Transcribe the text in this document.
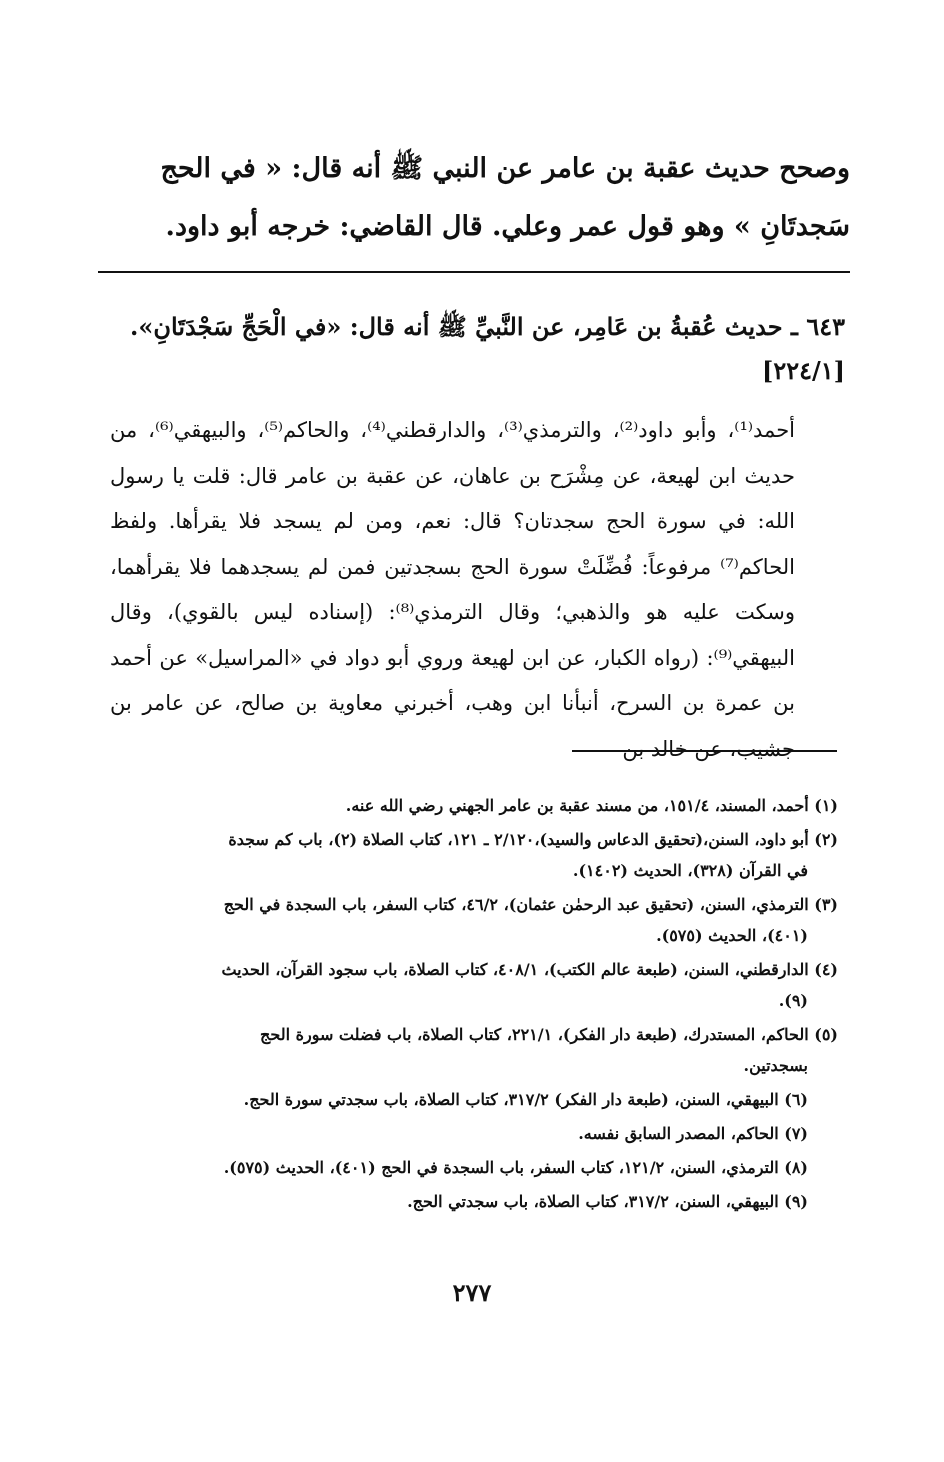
وصحح حديث عقبة بن عامر عن النبي ﷺ أنه قال: « في الحج
سَجدتَانِ » وهو قول عمر وعلي. قال القاضي: خرجه أبو داود.
٦٤٣ ـ حديث عُقبةُ بن عَامِر، عن النَّبيِّ ﷺ أنه قال: «في الْحَجِّ سَجْدَتَانِ».
[٢٢٤/١]

أحمد⁽¹⁾، وأبو داود⁽²⁾، والترمذي⁽³⁾، والدارقطني⁽⁴⁾، والحاكم⁽⁵⁾، والبيهقي⁽⁶⁾، من حديث ابن لهيعة، عن مِشْرَح بن عاهان، عن عقبة بن عامر قال: قلت يا رسول الله: في سورة الحج سجدتان؟ قال: نعم، ومن لم يسجد فلا يقرأها. ولفظ الحاكم⁽⁷⁾ مرفوعاً: فُضِّلَتْ سورة الحج بسجدتين فمن لم يسجدهما فلا يقرأهما، وسكت عليه هو والذهبي؛ وقال الترمذي⁽⁸⁾: (إسناده ليس بالقوي)، وقال البيهقي⁽⁹⁾: (رواه الكبار، عن ابن لهيعة وروي أبو دواد في «المراسيل» عن أحمد بن عمرة بن السرح، أنبأنا ابن وهب، أخبرني معاوية بن صالح، عن عامر بن جشيب، عن خالد بن

(١) أحمد، المسند، ١٥١/٤، من مسند عقبة بن عامر الجهني رضي الله عنه.
(٢) أبو داود، السنن،(تحقيق الدعاس والسيد)،٢/١٢٠ ـ ١٢١، كتاب الصلاة (٢)، باب كم سجدة
في القرآن (٣٢٨)، الحديث (١٤٠٢).
(٣) الترمذي، السنن، (تحقيق عبد الرحمٰن عثمان)، ٤٦/٢، كتاب السفر، باب السجدة في الحج
(٤٠١)، الحديث (٥٧٥).
(٤) الدارقطني، السنن، (طبعة عالم الكتب)، ٤٠٨/١، كتاب الصلاة، باب سجود القرآن، الحديث
(٩).
(٥) الحاكم، المستدرك، (طبعة دار الفكر)، ٢٢١/١، كتاب الصلاة، باب فضلت سورة الحج
بسجدتين.
(٦) البيهقي، السنن، (طبعة دار الفكر) ٣١٧/٢، كتاب الصلاة، باب سجدتي سورة الحج.
(٧) الحاكم، المصدر السابق نفسه.
(٨) الترمذي، السنن، ١٢١/٢، كتاب السفر، باب السجدة في الحج (٤٠١)، الحديث (٥٧٥).
(٩) البيهقي، السنن، ٣١٧/٢، كتاب الصلاة، باب سجدتي الحج.
٢٧٧
